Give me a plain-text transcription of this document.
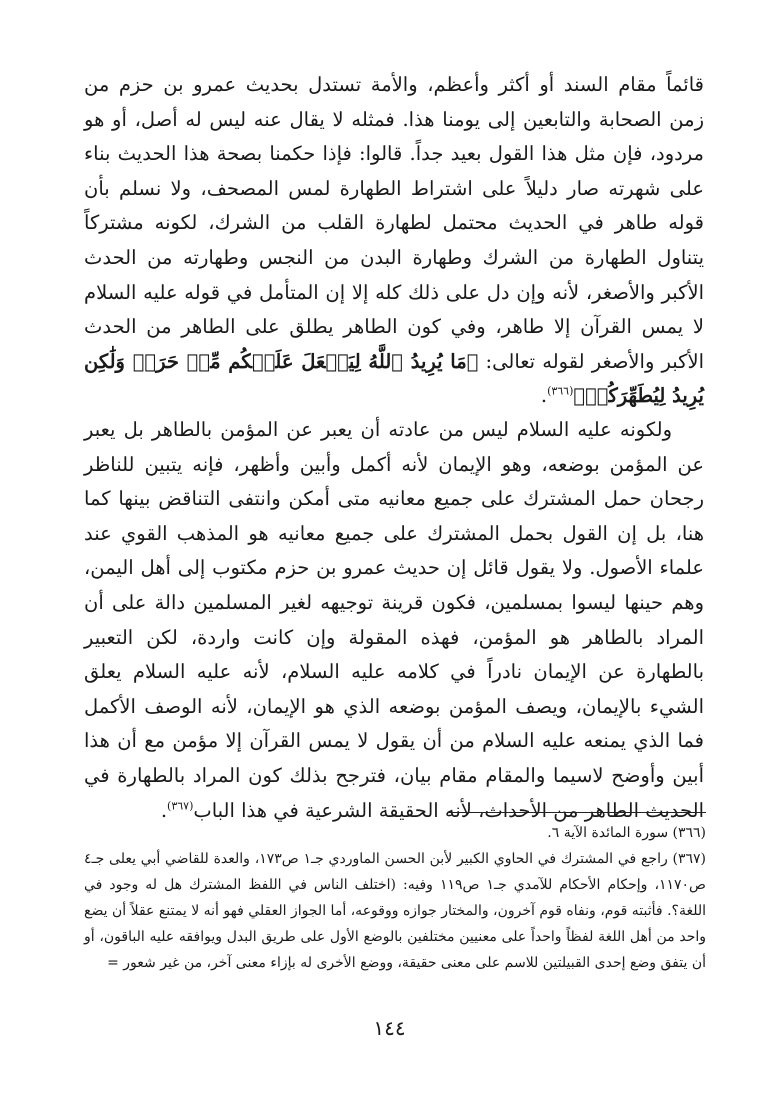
قائماً مقام السند أو أكثر وأعظم، والأمة تستدل بحديث عمرو بن حزم من زمن الصحابة والتابعين إلى يومنا هذا. فمثله لا يقال عنه ليس له أصل، أو هو مردود، فإن مثل هذا القول بعيد جداً. قالوا: فإذا حكمنا بصحة هذا الحديث بناء على شهرته صار دليلاً على اشتراط الطهارة لمس المصحف، ولا نسلم بأن قوله طاهر في الحديث محتمل لطهارة القلب من الشرك، لكونه مشتركاً يتناول الطهارة من الشرك وطهارة البدن من النجس وطهارته من الحدث الأكبر والأصغر، لأنه وإن دل على ذلك كله إلا إن المتأمل في قوله عليه السلام لا يمس القرآن إلا طاهر، وفي كون الطاهر يطلق على الطاهر من الحدث الأكبر والأصغر لقوله تعالى: ﴿مَا يُرِيدُ ٱللَّهُ لِيَجۡعَلَ عَلَيۡكُم مِّنۡ حَرَجٖ وَلَٰكِن يُرِيدُ لِيُطَهِّرَكُمۡ﴾$^{(٣٦٦)}$.

ولكونه عليه السلام ليس من عادته أن يعبر عن المؤمن بالطاهر بل يعبر عن المؤمن بوضعه، وهو الإيمان لأنه أكمل وأبين وأظهر، فإنه يتبين للناظر رجحان حمل المشترك على جميع معانيه متى أمكن وانتفى التناقض بينها كما هنا، بل إن القول بحمل المشترك على جميع معانيه هو المذهب القوي عند علماء الأصول. ولا يقول قائل إن حديث عمرو بن حزم مكتوب إلى أهل اليمن، وهم حينها ليسوا بمسلمين، فكون قرينة توجيهه لغير المسلمين دالة على أن المراد بالطاهر هو المؤمن، فهذه المقولة وإن كانت واردة، لكن التعبير بالطهارة عن الإيمان نادراً في كلامه عليه السلام، لأنه عليه السلام يعلق الشيء بالإيمان، ويصف المؤمن بوضعه الذي هو الإيمان، لأنه الوصف الأكمل فما الذي يمنعه عليه السلام من أن يقول لا يمس القرآن إلا مؤمن مع أن هذا أبين وأوضح لاسيما والمقام مقام بيان، فترجح بذلك كون المراد بالطهارة في الحديث الطاهر من الأحداث، لأنه الحقيقة الشرعية في هذا الباب$^{(٣٦٧)}$.

(٣٦٦) سورة المائدة الآية ٦.

(٣٦٧) راجع في المشترك في الحاوي الكبير لأبن الحسن الماوردي جـ١ ص١٧٣، والعدة للقاضي أبي يعلى جـ٤ ص١١٧٠، وإحكام الأحكام للآمدي جـ١ ص١١٩ وفيه: (اختلف الناس في اللفظ المشترك هل له وجود في اللغة؟. فأثبته قوم، ونفاه قوم آخرون، والمختار جوازه ووقوعه، أما الجواز العقلي فهو أنه لا يمتنع عقلاً أن يضع واحد من أهل اللغة لفظاً واحداً على معنيين مختلفين بالوضع الأول على طريق البدل ويوافقه عليه الباقون، أو أن يتفق وضع إحدى القبيلتين للاسم على معنى حقيقة، ووضع الأخرى له بإزاء معنى آخر، من غير شعور =

١٤٤
